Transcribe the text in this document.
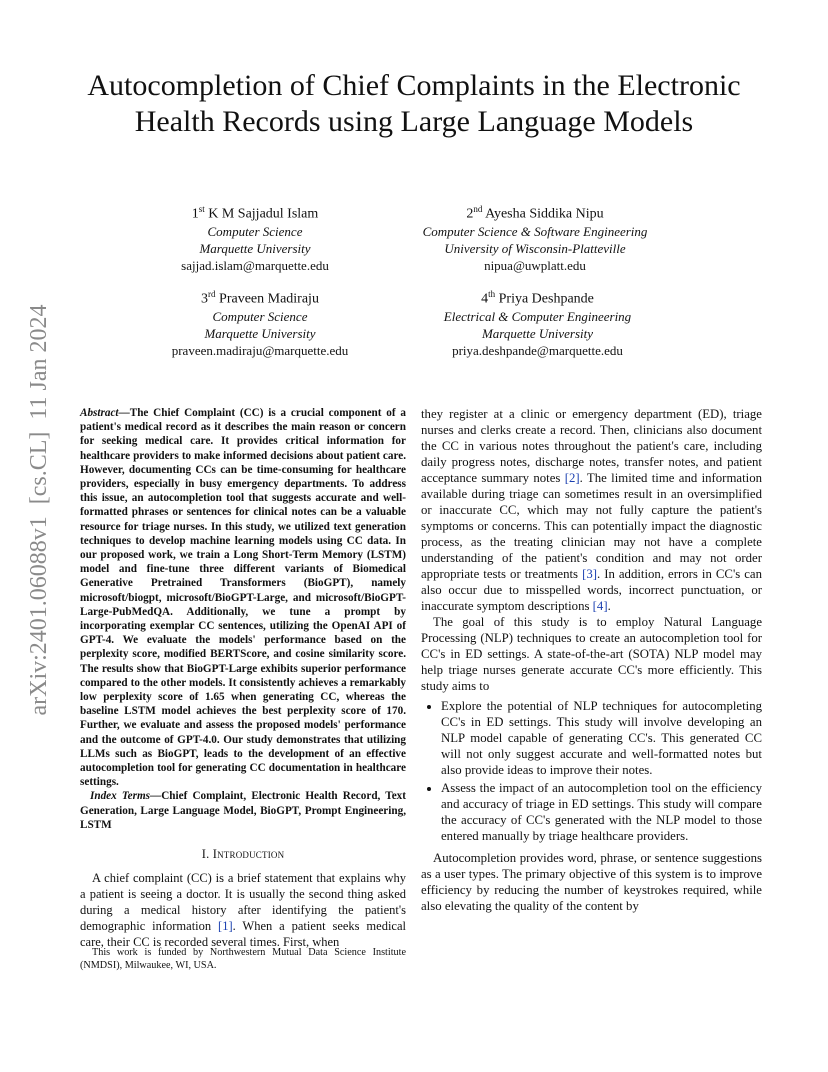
arXiv:2401.06088v1  [cs.CL]  11 Jan 2024
Autocompletion of Chief Complaints in the Electronic Health Records using Large Language Models
1st K M Sajjadul Islam
Computer Science
Marquette University
sajjad.islam@marquette.edu
2nd Ayesha Siddika Nipu
Computer Science & Software Engineering
University of Wisconsin-Platteville
nipua@uwplatt.edu
3rd Praveen Madiraju
Computer Science
Marquette University
praveen.madiraju@marquette.edu
4th Priya Deshpande
Electrical & Computer Engineering
Marquette University
priya.deshpande@marquette.edu

Abstract—The Chief Complaint (CC) is a crucial component of a patient's medical record as it describes the main reason or concern for seeking medical care. It provides critical information for healthcare providers to make informed decisions about patient care. However, documenting CCs can be time-consuming for healthcare providers, especially in busy emergency departments. To address this issue, an autocompletion tool that suggests accurate and well-formatted phrases or sentences for clinical notes can be a valuable resource for triage nurses. In this study, we utilized text generation techniques to develop machine learning models using CC data. In our proposed work, we train a Long Short-Term Memory (LSTM) model and fine-tune three different variants of Biomedical Generative Pretrained Transformers (BioGPT), namely microsoft/biogpt, microsoft/BioGPT-Large, and microsoft/BioGPT-Large-PubMedQA. Additionally, we tune a prompt by incorporating exemplar CC sentences, utilizing the OpenAI API of GPT-4. We evaluate the models' performance based on the perplexity score, modified BERTScore, and cosine similarity score. The results show that BioGPT-Large exhibits superior performance compared to the other models. It consistently achieves a remarkably low perplexity score of 1.65 when generating CC, whereas the baseline LSTM model achieves the best perplexity score of 170. Further, we evaluate and assess the proposed models' performance and the outcome of GPT-4.0. Our study demonstrates that utilizing LLMs such as BioGPT, leads to the development of an effective autocompletion tool for generating CC documentation in healthcare settings.

Index Terms—Chief Complaint, Electronic Health Record, Text Generation, Large Language Model, BioGPT, Prompt Engineering, LSTM

I. Introduction

A chief complaint (CC) is a brief statement that explains why a patient is seeing a doctor. It is usually the second thing asked during a medical history after identifying the patient's demographic information [1]. When a patient seeks medical care, their CC is recorded several times. First, when

they register at a clinic or emergency department (ED), triage nurses and clerks create a record. Then, clinicians also document the CC in various notes throughout the patient's care, including daily progress notes, discharge notes, transfer notes, and patient acceptance summary notes [2]. The limited time and information available during triage can sometimes result in an oversimplified or inaccurate CC, which may not fully capture the patient's symptoms or concerns. This can potentially impact the diagnostic process, as the treating clinician may not have a complete understanding of the patient's condition and may not order appropriate tests or treatments [3]. In addition, errors in CC's can also occur due to misspelled words, incorrect punctuation, or inaccurate symptom descriptions [4].

The goal of this study is to employ Natural Language Processing (NLP) techniques to create an autocompletion tool for CC's in ED settings. A state-of-the-art (SOTA) NLP model may help triage nurses generate accurate CC's more efficiently. This study aims to

• Explore the potential of NLP techniques for autocompleting CC's in ED settings. This study will involve developing an NLP model capable of generating CC's. This generated CC will not only suggest accurate and well-formatted notes but also provide ideas to improve their notes.
• Assess the impact of an autocompletion tool on the efficiency and accuracy of triage in ED settings. This study will compare the accuracy of CC's generated with the NLP model to those entered manually by triage healthcare providers.

Autocompletion provides word, phrase, or sentence suggestions as a user types. The primary objective of this system is to improve efficiency by reducing the number of keystrokes required, while also elevating the quality of the content by

This work is funded by Northwestern Mutual Data Science Institute (NMDSI), Milwaukee, WI, USA.
